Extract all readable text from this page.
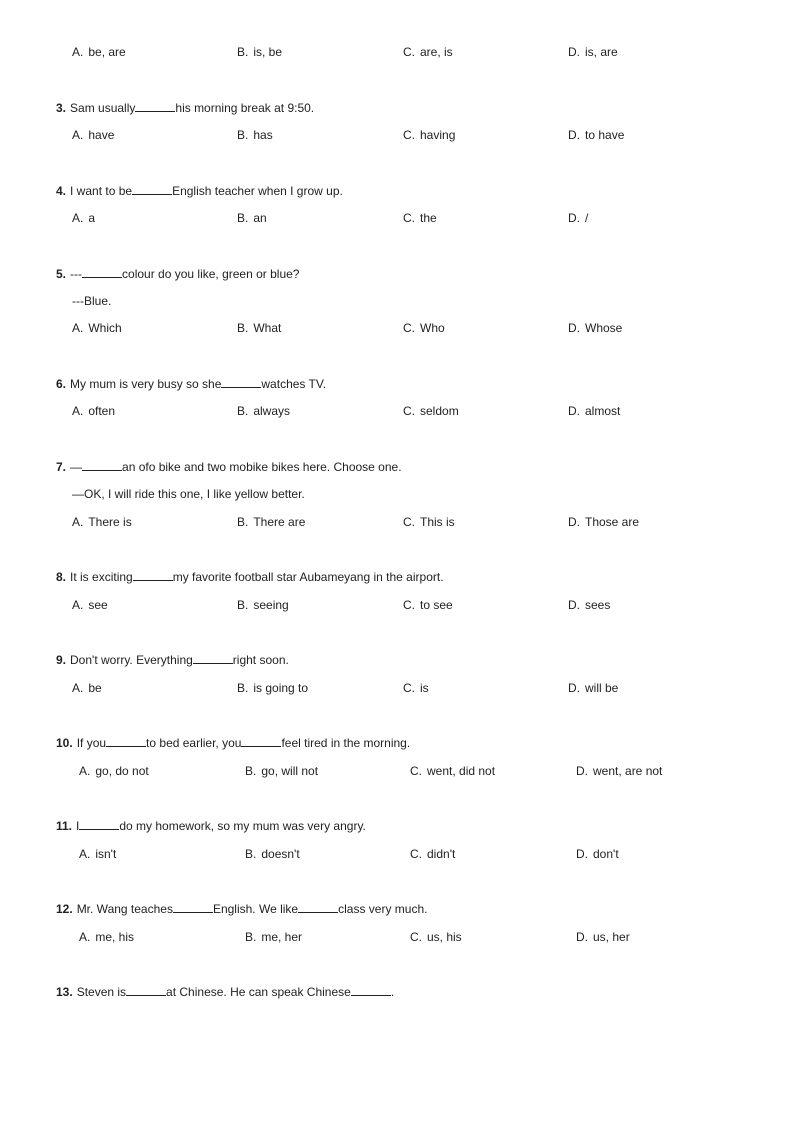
A. be, are	B. is, be	C. are, is	D. is, are
3. Sam usually	his morning break at 9:50.
A. have	B. has	C. having	D. to have
4. I want to be	English teacher when I grow up.
A. a	B. an	C. the	D. /
5. ---	colour do you like, green or blue?
---Blue.
A. Which	B. What	C. Who	D. Whose
6. My mum is very busy so she	watches TV.
A. often	B. always	C. seldom	D. almost
7. —	an ofo bike and two mobike bikes here. Choose one.
—OK, I will ride this one, I like yellow better.
A. There is	B. There are	C. This is	D. Those are
8. It is exciting	my favorite football star Aubameyang in the airport.
A. see	B. seeing	C. to see	D. sees
9. Don't worry. Everything	right soon.
A. be	B. is going to	C. is	D. will be
10. If you	to bed earlier, you	feel tired in the morning.
A. go, do not	B. go, will not	C. went, did not	D. went, are not
11. I	do my homework, so my mum was very angry.
A. isn't	B. doesn't	C. didn't	D. don't
12. Mr. Wang teaches	English. We like	class very much.
A. me, his	B. me, her	C. us, his	D. us, her
13. Steven is	at Chinese. He can speak Chinese	.
